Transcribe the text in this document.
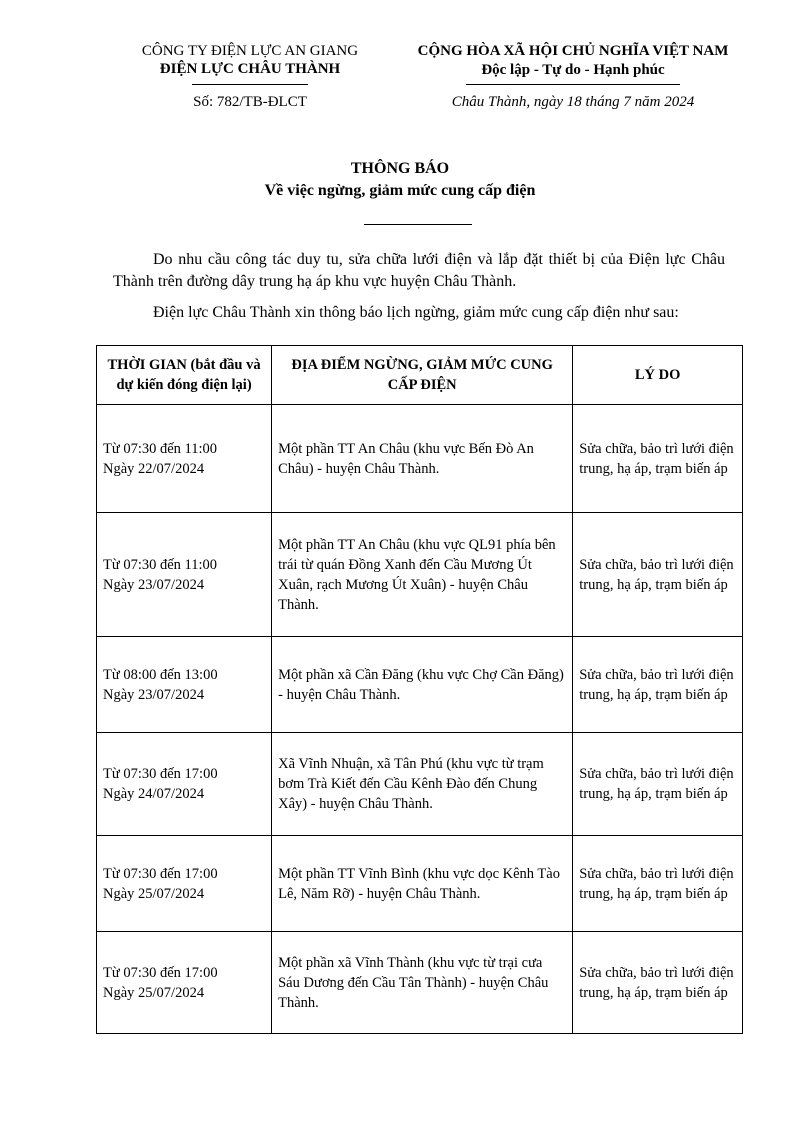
CÔNG TY ĐIỆN LỰC AN GIANG
ĐIỆN LỰC CHÂU THÀNH
CỘNG HÒA XÃ HỘI CHỦ NGHĨA VIỆT NAM
Độc lập - Tự do - Hạnh phúc
Số: 782/TB-ĐLCT	Châu Thành, ngày 18 tháng 7 năm 2024
THÔNG BÁO
Về việc ngừng, giảm mức cung cấp điện
Do nhu cầu công tác duy tu, sửa chữa lưới điện và lắp đặt thiết bị của Điện lực Châu Thành trên đường dây trung hạ áp khu vực huyện Châu Thành.
Điện lực Châu Thành xin thông báo lịch ngừng, giảm mức cung cấp điện như sau:
THỜI GIAN (bắt đầu và dự kiến đóng điện lại)	ĐỊA ĐIỂM NGỪNG, GIẢM MỨC CUNG CẤP ĐIỆN	LÝ DO

Từ 07:30 đến 11:00
Ngày 22/07/2024	Một phần TT An Châu (khu vực Bến Đò An Châu) - huyện Châu Thành.	Sửa chữa, bảo trì lưới điện trung, hạ áp, trạm biến áp

Từ 07:30 đến 11:00
Ngày 23/07/2024	Một phần TT An Châu (khu vực QL91 phía bên trái từ quán Đồng Xanh đến Cầu Mương Út Xuân, rạch Mương Út Xuân) - huyện Châu Thành.	Sửa chữa, bảo trì lưới điện trung, hạ áp, trạm biến áp

Từ 08:00 đến 13:00
Ngày 23/07/2024	Một phần xã Cần Đăng (khu vực Chợ Cần Đăng) - huyện Châu Thành.	Sửa chữa, bảo trì lưới điện trung, hạ áp, trạm biến áp

Từ 07:30 đến 17:00
Ngày 24/07/2024	Xã Vĩnh Nhuận, xã Tân Phú (khu vực từ trạm bơm Trà Kiết đến Cầu Kênh Đào đến Chung Xây) - huyện Châu Thành.	Sửa chữa, bảo trì lưới điện trung, hạ áp, trạm biến áp

Từ 07:30 đến 17:00
Ngày 25/07/2024	Một phần TT Vĩnh Bình (khu vực dọc Kênh Tào Lê, Năm Rỡ) - huyện Châu Thành.	Sửa chữa, bảo trì lưới điện trung, hạ áp, trạm biến áp

Từ 07:30 đến 17:00
Ngày 25/07/2024	Một phần xã Vĩnh Thành (khu vực từ trại cưa Sáu Dương đến Cầu Tân Thành) - huyện Châu Thành.	Sửa chữa, bảo trì lưới điện trung, hạ áp, trạm biến áp
